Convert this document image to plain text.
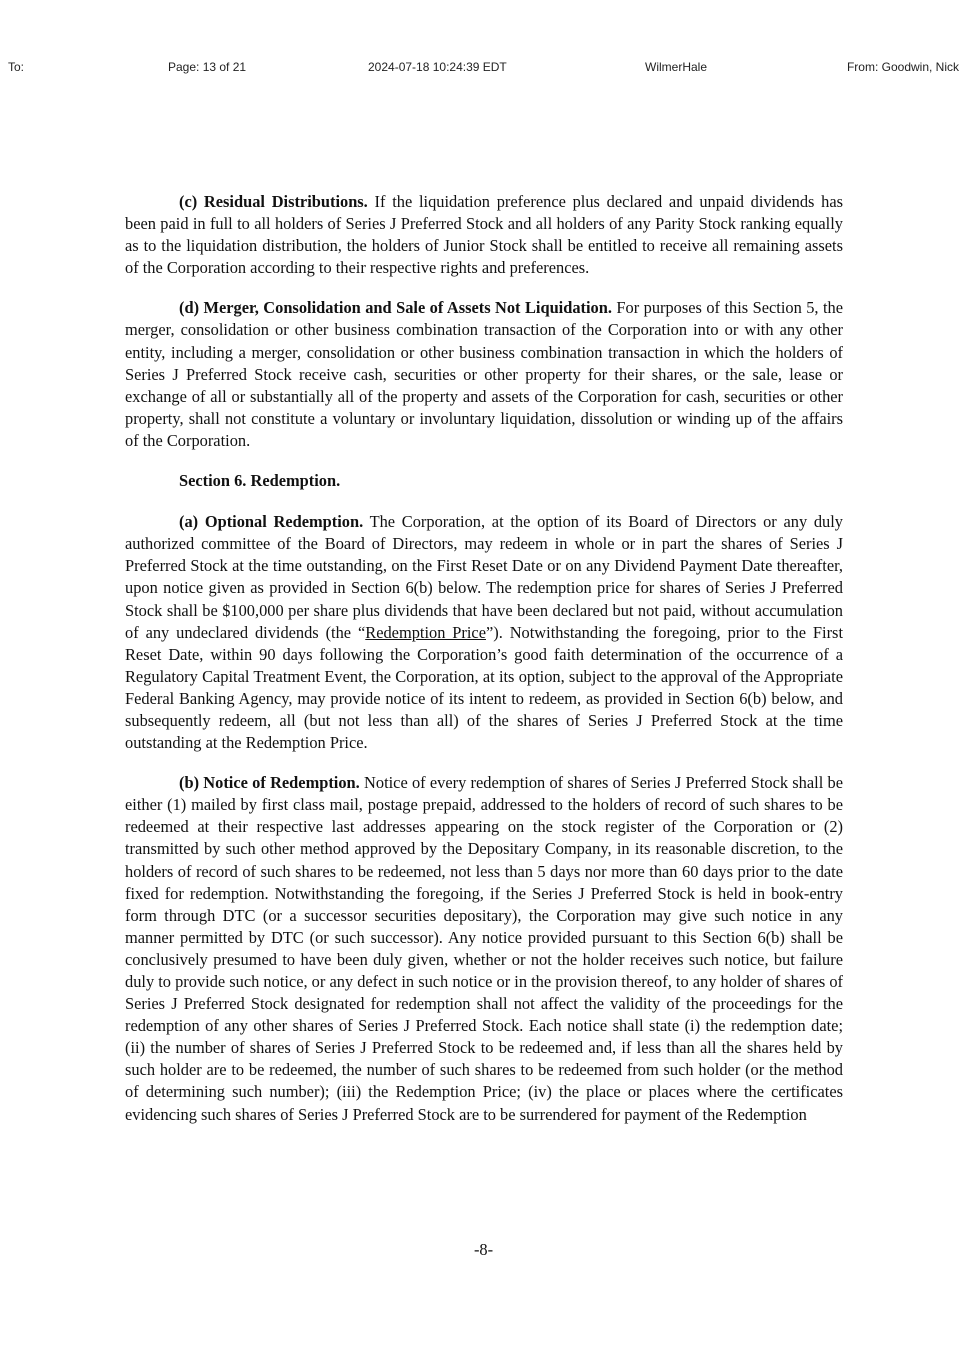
To:	Page: 13 of 21	2024-07-18 10:24:39 EDT	WilmerHale	From: Goodwin, Nick

(c) Residual Distributions. If the liquidation preference plus declared and unpaid dividends has been paid in full to all holders of Series J Preferred Stock and all holders of any Parity Stock ranking equally as to the liquidation distribution, the holders of Junior Stock shall be entitled to receive all remaining assets of the Corporation according to their respective rights and preferences.

(d) Merger, Consolidation and Sale of Assets Not Liquidation. For purposes of this Section 5, the merger, consolidation or other business combination transaction of the Corporation into or with any other entity, including a merger, consolidation or other business combination transaction in which the holders of Series J Preferred Stock receive cash, securities or other property for their shares, or the sale, lease or exchange of all or substantially all of the property and assets of the Corporation for cash, securities or other property, shall not constitute a voluntary or involuntary liquidation, dissolution or winding up of the affairs of the Corporation.

Section 6. Redemption.

(a) Optional Redemption. The Corporation, at the option of its Board of Directors or any duly authorized committee of the Board of Directors, may redeem in whole or in part the shares of Series J Preferred Stock at the time outstanding, on the First Reset Date or on any Dividend Payment Date thereafter, upon notice given as provided in Section 6(b) below. The redemption price for shares of Series J Preferred Stock shall be $100,000 per share plus dividends that have been declared but not paid, without accumulation of any undeclared dividends (the “Redemption Price”). Notwithstanding the foregoing, prior to the First Reset Date, within 90 days following the Corporation’s good faith determination of the occurrence of a Regulatory Capital Treatment Event, the Corporation, at its option, subject to the approval of the Appropriate Federal Banking Agency, may provide notice of its intent to redeem, as provided in Section 6(b) below, and subsequently redeem, all (but not less than all) of the shares of Series J Preferred Stock at the time outstanding at the Redemption Price.

(b) Notice of Redemption. Notice of every redemption of shares of Series J Preferred Stock shall be either (1) mailed by first class mail, postage prepaid, addressed to the holders of record of such shares to be redeemed at their respective last addresses appearing on the stock register of the Corporation or (2) transmitted by such other method approved by the Depositary Company, in its reasonable discretion, to the holders of record of such shares to be redeemed, not less than 5 days nor more than 60 days prior to the date fixed for redemption. Notwithstanding the foregoing, if the Series J Preferred Stock is held in book-entry form through DTC (or a successor securities depositary), the Corporation may give such notice in any manner permitted by DTC (or such successor). Any notice provided pursuant to this Section 6(b) shall be conclusively presumed to have been duly given, whether or not the holder receives such notice, but failure duly to provide such notice, or any defect in such notice or in the provision thereof, to any holder of shares of Series J Preferred Stock designated for redemption shall not affect the validity of the proceedings for the redemption of any other shares of Series J Preferred Stock. Each notice shall state (i) the redemption date; (ii) the number of shares of Series J Preferred Stock to be redeemed and, if less than all the shares held by such holder are to be redeemed, the number of such shares to be redeemed from such holder (or the method of determining such number); (iii) the Redemption Price; (iv) the place or places where the certificates evidencing such shares of Series J Preferred Stock are to be surrendered for payment of the Redemption

-8-
